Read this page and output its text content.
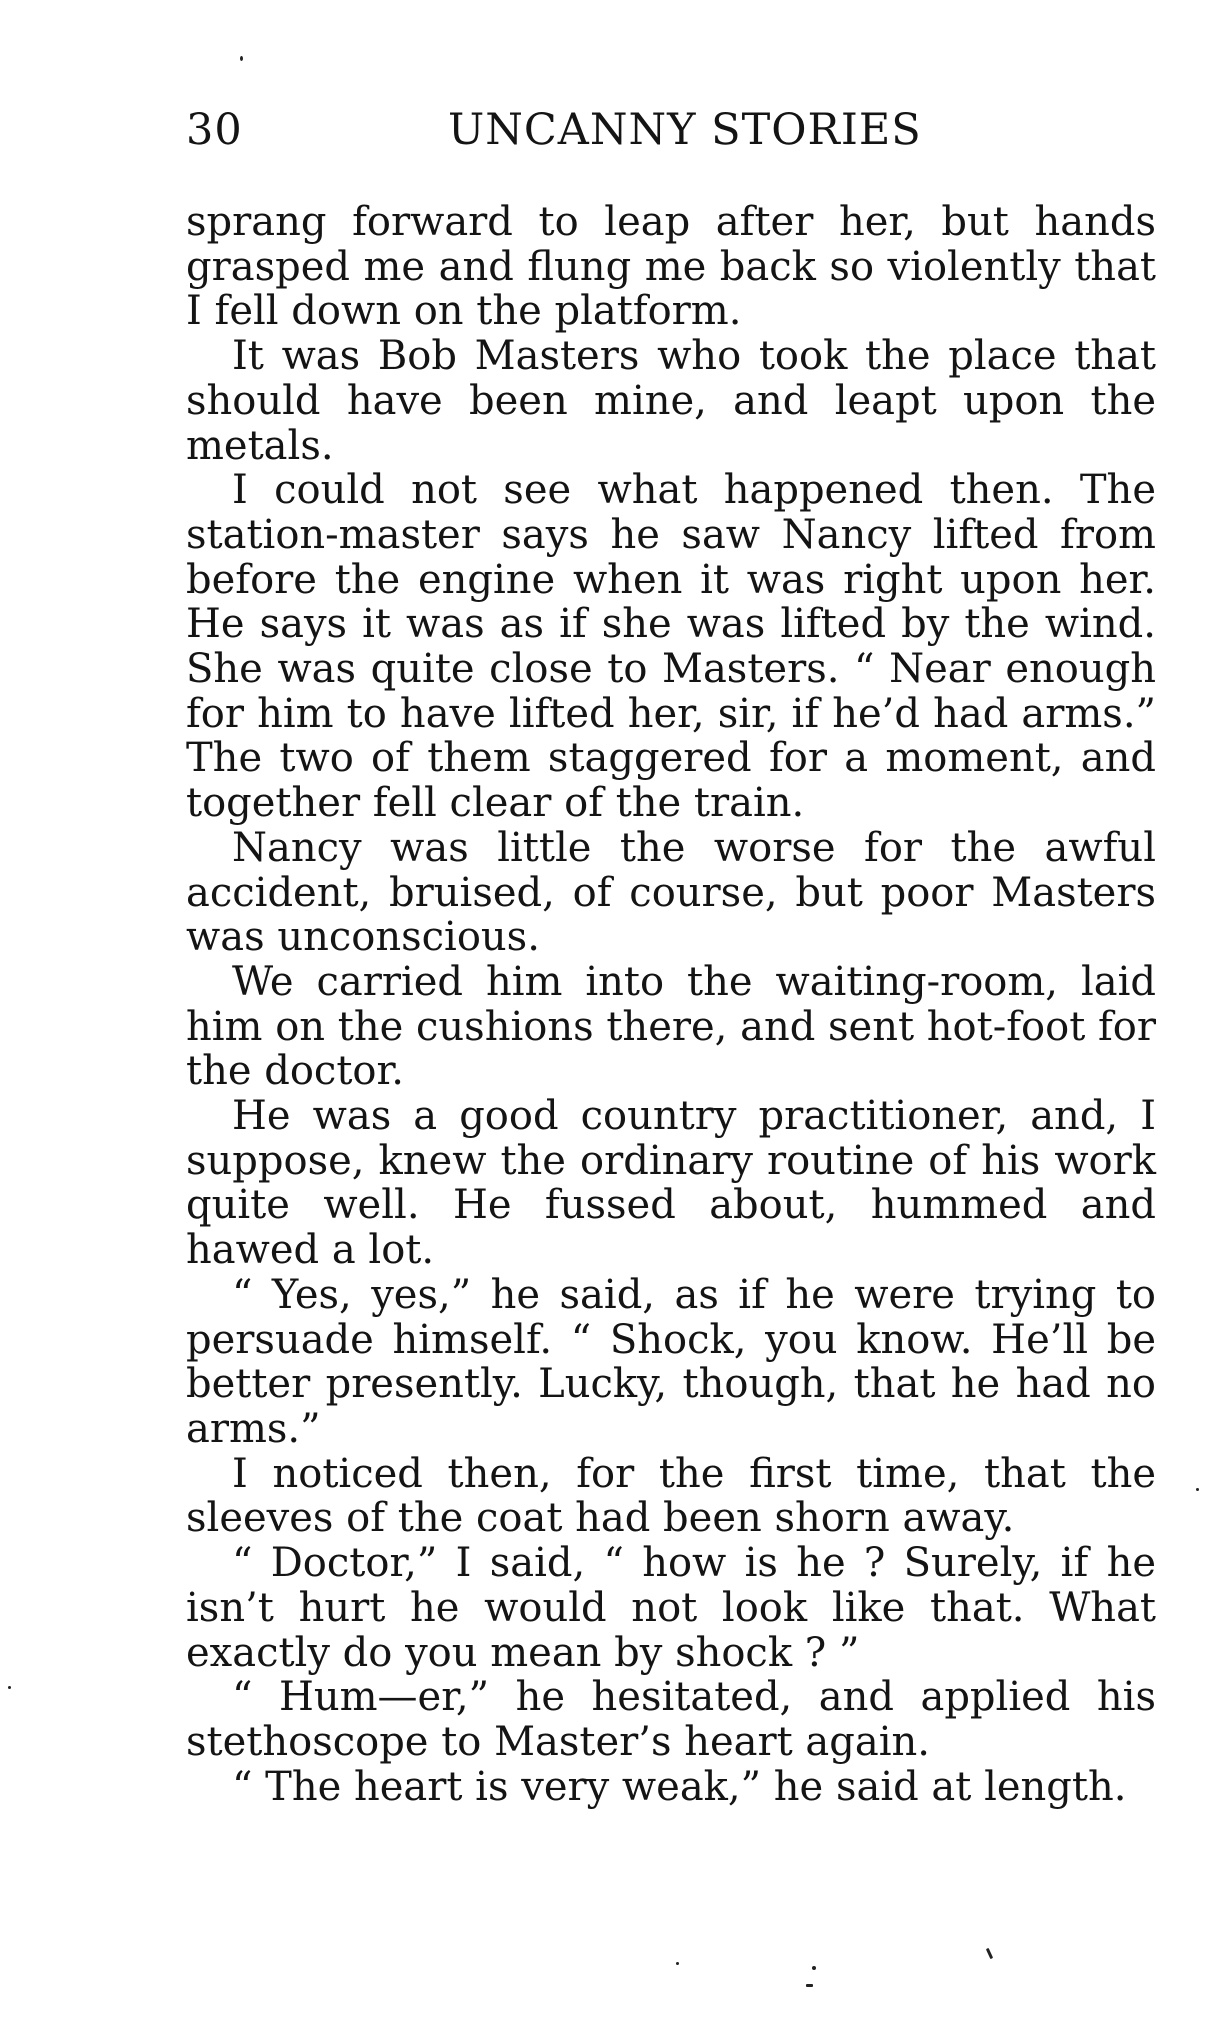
30	UNCANNY STORIES

sprang forward to leap after her, but hands grasped me and flung me back so violently that I fell down on the platform.

It was Bob Masters who took the place that should have been mine, and leapt upon the metals.

I could not see what happened then. The station-master says he saw Nancy lifted from before the engine when it was right upon her. He says it was as if she was lifted by the wind. She was quite close to Masters. “ Near enough for him to have lifted her, sir, if he’d had arms.” The two of them staggered for a moment, and together fell clear of the train.

Nancy was little the worse for the awful accident, bruised, of course, but poor Masters was unconscious.

We carried him into the waiting-room, laid him on the cushions there, and sent hot-foot for the doctor.

He was a good country practitioner, and, I suppose, knew the ordinary routine of his work quite well. He fussed about, hummed and hawed a lot.

“ Yes, yes,” he said, as if he were trying to persuade himself. “ Shock, you know. He’ll be better presently. Lucky, though, that he had no arms.”

I noticed then, for the first time, that the sleeves of the coat had been shorn away.

“ Doctor,” I said, “ how is he ? Surely, if he isn’t hurt he would not look like that. What exactly do you mean by shock ? ”

“ Hum—er,” he hesitated, and applied his stethoscope to Master’s heart again.

“ The heart is very weak,” he said at length.
